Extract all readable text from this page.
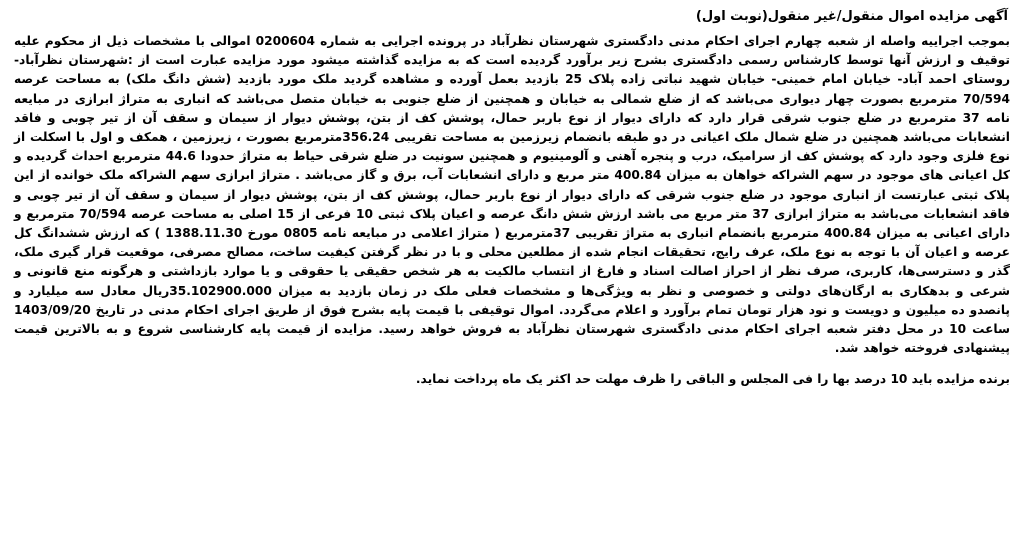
آگهی مزایده اموال منقول/غیر منقول(نوبت اول)

بموجب اجراییه واصله از شعبه چهارم اجرای احکام مدنی دادگستری شهرستان نظرآباد در پرونده اجرایی به شماره 0200604 اموالی با مشخصات ذیل از محکوم علیه توقیف و ارزش آنها توسط کارشناس رسمی دادگستری بشرح زیر برآورد گردیده است که به مزایده گذاشته میشود مورد مزایده عبارت است از :شهرستان نظرآباد- روستای احمد آباد- خیابان امام خمینی- خیابان شهید نباتی زاده پلاک 25 بازدید بعمل آورده و مشاهده گردید ملک مورد بازدید (شش دانگ ملک) به مساحت عرصه 70/594 مترمربع بصورت چهار دیواری می‌باشد که از ضلع شمالی به خیابان و همچنین از ضلع جنوبی به خیابان متصل می‌باشد که انباری به متراژ ابرازی در مبایعه نامه 37 مترمربع در ضلع جنوب شرقی قرار دارد که دارای دیوار از نوع باربر حمال، پوشش کف از بتن، پوشش دیوار از سیمان و سقف آن از تیر چوبی و فاقد انشعابات می‌باشد همچنین در ضلع شمال ملک اعیانی در دو طبقه بانضمام زیرزمین به مساحت تقریبی 356.24مترمربع بصورت ، زیرزمین ، همکف و اول با اسکلت از نوع فلزی وجود دارد که پوشش کف از سرامیک، درب و پنجره آهنی و آلومینیوم و همچنین سونیت در ضلع شرقی حیاط به متراژ حدودا 44.6 مترمربع احداث گردیده و کل اعیانی های موجود در سهم الشراکه خواهان به میزان 400.84 متر مربع و دارای انشعابات آب، برق و گاز می‌باشد . متراژ ابرازی سهم الشراکه ملک خوانده از این پلاک ثبتی عبارتست از انباری موجود در ضلع جنوب شرقی که دارای دیوار از نوع باربر حمال، پوشش کف از بتن، پوشش دیوار از سیمان و سقف آن از تیر چوبی و فاقد انشعابات می‌باشد به متراژ ابرازی 37 متر مربع می باشد ارزش شش دانگ عرصه و اعیان پلاک ثبتی 10 فرعی از 15 اصلی به مساحت عرصه 70/594 مترمربع و دارای اعیانی به میزان 400.84 مترمربع بانضمام انباری به متراژ تقریبی 37مترمربع ( متراژ اعلامی در مبایعه نامه 0805 مورخ 1388.11.30 ) که ارزش ششدانگ کل عرصه و اعیان آن با توجه به نوع ملک، عرف رایج، تحقیقات انجام شده از مطلعین محلی و با در نظر گرفتن کیفیت ساخت، مصالح مصرفی، موقعیت قرار گیری ملک، گذر و دسترسی‌ها، کاربری، صرف نظر از احراز اصالت اسناد و فارغ از انتساب مالکیت به هر شخص حقیقی یا حقوقی و یا موارد بازداشتی و هرگونه منع قانونی و شرعی و بدهکاری به ارگان‌های دولتی و خصوصی و نظر به ویژگی‌ها و مشخصات فعلی ملک در زمان بازدید به میزان 35.102900.000ریال معادل سه میلیارد و پانصدو ده میلیون و دویست و نود هزار تومان تمام برآورد و اعلام می‌گردد. اموال توقیفی با قیمت پایه بشرح فوق از طریق اجرای احکام مدنی در تاریخ 1403/09/20 ساعت 10 در محل دفتر شعبه اجرای احکام مدنی دادگستری شهرستان نظرآباد به فروش خواهد رسید. مزایده از قیمت پایه کارشناسی شروع و به بالاترین قیمت پیشنهادی فروخته خواهد شد.

برنده مزایده باید 10 درصد بها را فی المجلس و الباقی را ظرف مهلت حد اکثر یک ماه پرداخت نماید.
